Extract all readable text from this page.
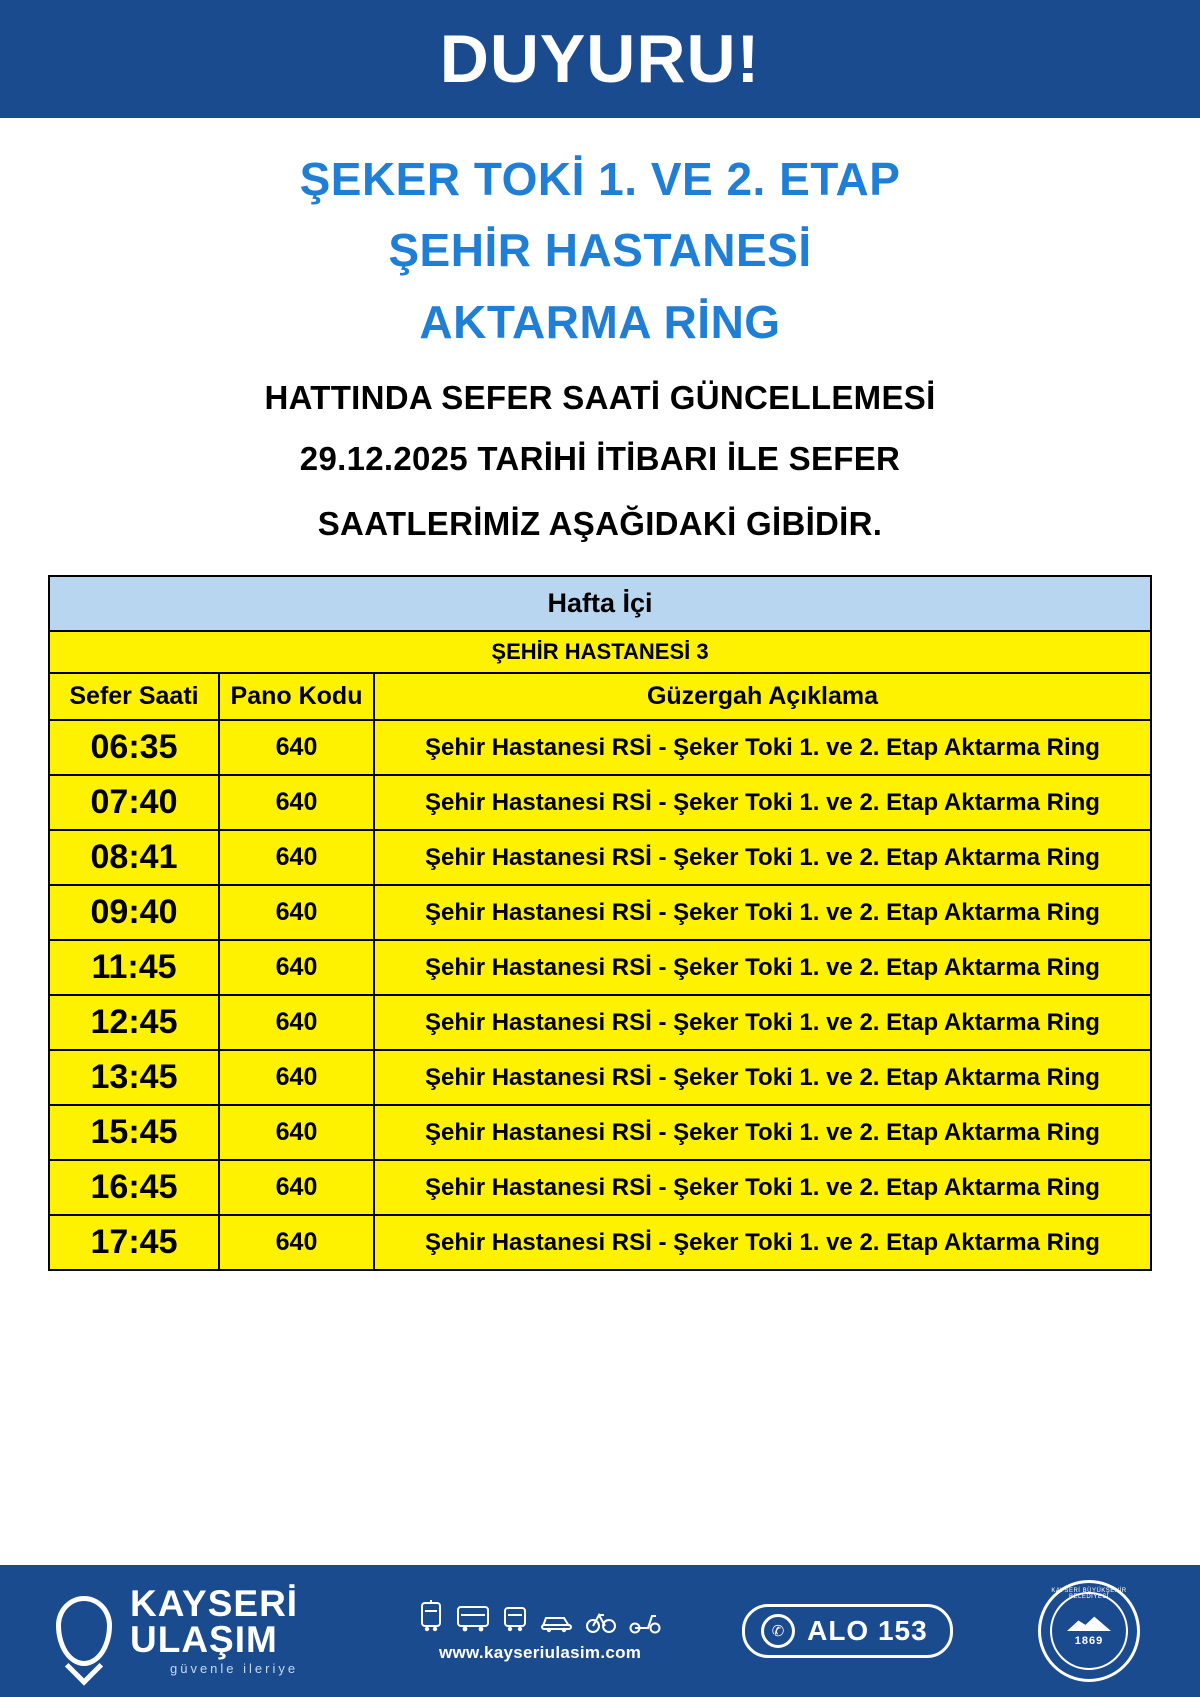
DUYURU!
ŞEKER TOKİ 1. VE 2. ETAP
ŞEHİR HASTANESİ
AKTARMA RİNG
HATTINDA SEFER SAATİ GÜNCELLEMESİ
29.12.2025 TARİHİ İTİBARI İLE SEFER
SAATLERİMİZ AŞAĞIDAKİ GİBİDİR.
Hafta İçi		
ŞEHİR HASTANESİ 3		
Sefer Saati	Pano Kodu	Güzergah Açıklama
06:35	640	Şehir Hastanesi RSİ - Şeker Toki 1. ve 2. Etap Aktarma Ring
07:40	640	Şehir Hastanesi RSİ - Şeker Toki 1. ve 2. Etap Aktarma Ring
08:41	640	Şehir Hastanesi RSİ - Şeker Toki 1. ve 2. Etap Aktarma Ring
09:40	640	Şehir Hastanesi RSİ - Şeker Toki 1. ve 2. Etap Aktarma Ring
11:45	640	Şehir Hastanesi RSİ - Şeker Toki 1. ve 2. Etap Aktarma Ring
12:45	640	Şehir Hastanesi RSİ - Şeker Toki 1. ve 2. Etap Aktarma Ring
13:45	640	Şehir Hastanesi RSİ - Şeker Toki 1. ve 2. Etap Aktarma Ring
15:45	640	Şehir Hastanesi RSİ - Şeker Toki 1. ve 2. Etap Aktarma Ring
16:45	640	Şehir Hastanesi RSİ - Şeker Toki 1. ve 2. Etap Aktarma Ring
17:45	640	Şehir Hastanesi RSİ - Şeker Toki 1. ve 2. Etap Aktarma Ring
KAYSERİ
ULAŞIM
güvenle ileriye
www.kayseriulasim.com
✆ ALO 153
KAYSERİ BÜYÜKŞEHİR BELEDİYESİ
1869
